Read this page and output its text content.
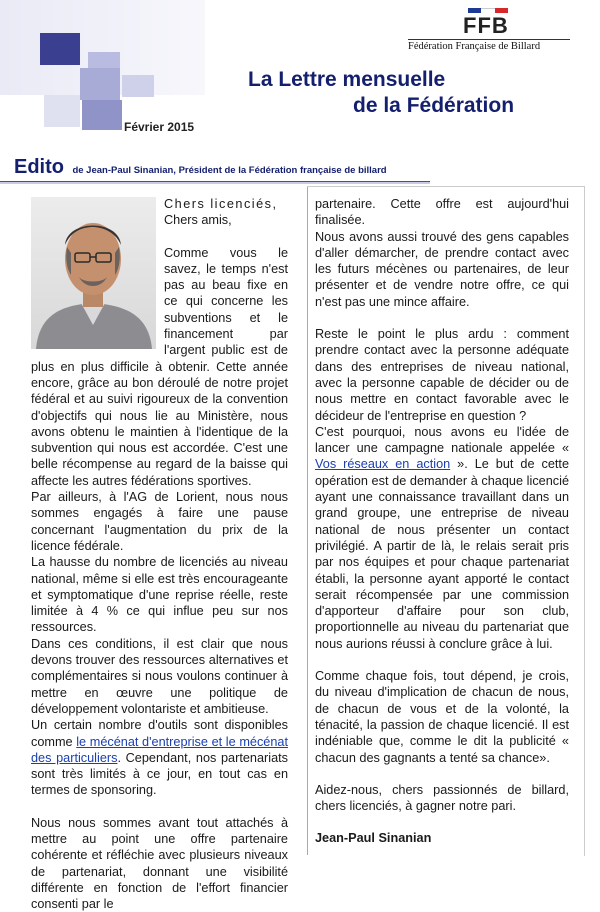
FFB
Fédération Française de Billard
La Lettre mensuelle
de la Fédération
Février 2015
Edito de Jean-Paul Sinanian, Président de la Fédération française de billard

Chers licenciés,

Chers amis,

Comme vous le savez, le temps n'est pas au beau fixe en ce qui concerne les subventions et le financement par l'argent public est de plus en plus difficile à obtenir. Cette année encore, grâce au bon déroulé de notre projet fédéral et au suivi rigoureux de la convention d'objectifs qui nous lie au Ministère, nous avons obtenu le maintien à l'identique de la subvention qui nous est accordée. C'est une belle récompense au regard de la baisse qui affecte les autres fédérations sportives.

Par ailleurs, à l'AG de Lorient, nous nous sommes engagés à faire une pause concernant l'augmentation du prix de la licence fédérale.

La hausse du nombre de licenciés au niveau national, même si elle est très encourageante et symptomatique d'une reprise réelle, reste limitée à 4 % ce qui influe peu sur nos ressources.

Dans ces conditions, il est clair que nous devons trouver des ressources alternatives et complémentaires si nous voulons continuer à mettre en œuvre une politique de développement volontariste et ambitieuse.

Un certain nombre d'outils sont disponibles comme le mécénat d'entreprise et le mécénat des particuliers. Cependant, nos partenariats sont très limités à ce jour, en tout cas en termes de sponsoring.

Nous nous sommes avant tout attachés à mettre au point une offre partenaire cohérente et réfléchie avec plusieurs niveaux de partenariat, donnant une visibilité différente en fonction de l'effort financier consenti par le

partenaire. Cette offre est aujourd'hui finalisée.

Nous avons aussi trouvé des gens capables d'aller démarcher, de prendre contact avec les futurs mécènes ou partenaires, de leur présenter et de vendre notre offre, ce qui n'est pas une mince affaire.

Reste le point le plus ardu : comment prendre contact avec la personne adéquate dans des entreprises de niveau national, avec la personne capable de décider ou de nous mettre en contact favorable avec le décideur de l'entreprise en question ?

C'est pourquoi, nous avons eu l'idée de lancer une campagne nationale appelée « Vos réseaux en action ». Le but de cette opération est de demander à chaque licencié ayant une connaissance travaillant dans un grand groupe, une entreprise de niveau national de nous présenter un contact privilégié. A partir de là, le relais serait pris par nos équipes et pour chaque partenariat établi, la personne ayant apporté le contact serait récompensée par une commission d'apporteur d'affaire pour son club, proportionnelle au niveau du partenariat que nous aurions réussi à conclure grâce à lui.

Comme chaque fois, tout dépend, je crois, du niveau d'implication de chacun de nous, de chacun de vous et de la volonté, la ténacité, la passion de chaque licencié. Il est indéniable que, comme le dit la publicité « chacun des gagnants a tenté sa chance».

Aidez-nous, chers passionnés de billard, chers licenciés, à gagner notre pari.

Jean-Paul Sinanian
